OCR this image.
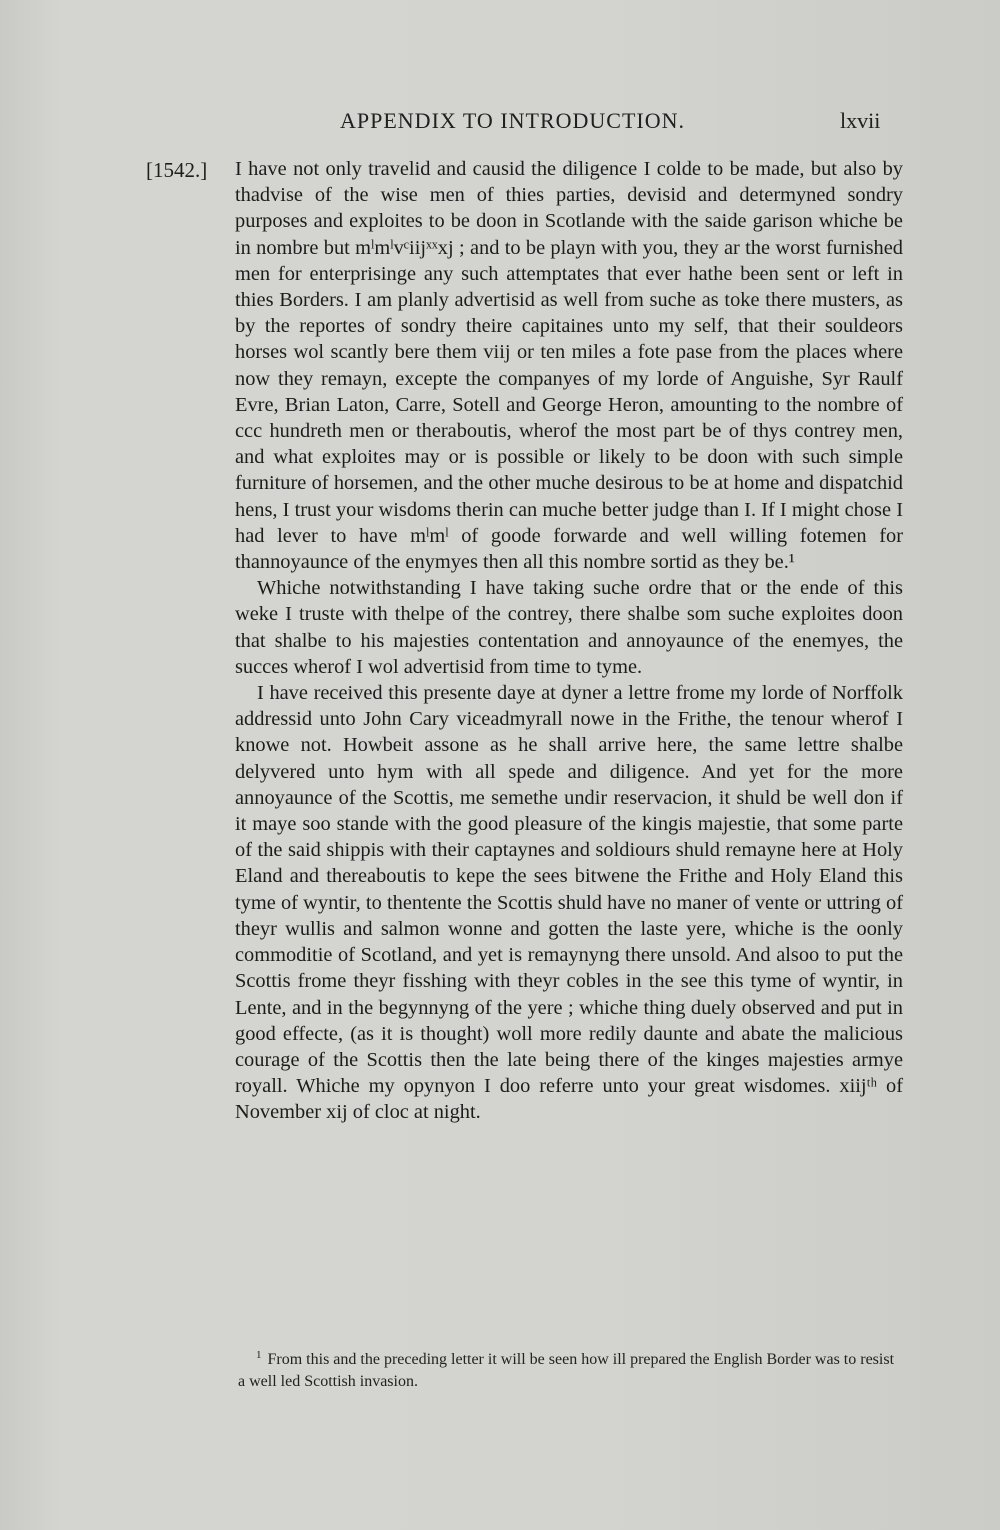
APPENDIX TO INTRODUCTION.	lxvii
[1542.] I have not only travelid and causid the diligence I colde to be made, but also by thadvise of the wise men of thies parties, devisid and determyned sondry purposes and exploites to be doon in Scotlande with the saide garison whiche be in nombre but mˡmˡvᶜiijˣˣxj ; and to be playn with you, they ar the worst furnished men for enterprisinge any such attemptates that ever hathe been sent or left in thies Borders. I am planly advertisid as well from suche as toke there musters, as by the reportes of sondry theire capitaines unto my self, that their souldeors horses wol scantly bere them viij or ten miles a fote pase from the places where now they remayn, excepte the companyes of my lorde of Anguishe, Syr Raulf Evre, Brian Laton, Carre, Sotell and George Heron, amounting to the nombre of ccc hundreth men or theraboutis, wherof the most part be of thys contrey men, and what exploites may or is possible or likely to be doon with such simple furniture of horsemen, and the other muche desirous to be at home and dispatchid hens, I trust your wisdoms therin can muche better judge than I. If I might chose I had lever to have mˡmˡ of goode forwarde and well willing fotemen for thannoyaunce of the enymyes then all this nombre sortid as they be.¹

Whiche notwithstanding I have taking suche ordre that or the ende of this weke I truste with thelpe of the contrey, there shalbe som suche exploites doon that shalbe to his majesties contentation and annoyaunce of the enemyes, the succes wherof I wol advertisid from time to tyme.

I have received this presente daye at dyner a lettre frome my lorde of Norffolk addressid unto John Cary viceadmyrall nowe in the Frithe, the tenour wherof I knowe not. Howbeit assone as he shall arrive here, the same lettre shalbe delyvered unto hym with all spede and diligence. And yet for the more annoyaunce of the Scottis, me semethe undir reservacion, it shuld be well don if it maye soo stande with the good pleasure of the kingis majestie, that some parte of the said shippis with their captaynes and soldiours shuld remayne here at Holy Eland and thereaboutis to kepe the sees bitwene the Frithe and Holy Eland this tyme of wyntir, to thentente the Scottis shuld have no maner of vente or uttring of theyr wullis and salmon wonne and gotten the laste yere, whiche is the oonly commoditie of Scotland, and yet is remaynyng there unsold. And alsoo to put the Scottis frome theyr fisshing with theyr cobles in the see this tyme of wyntir, in Lente, and in the begynnyng of the yere ; whiche thing duely observed and put in good effecte, (as it is thought) woll more redily daunte and abate the malicious courage of the Scottis then the late being there of the kinges majesties armye royall. Whiche my opynyon I doo referre unto your great wisdomes. xiijᵗʰ of November xij of cloc at night.

$^1$ From this and the preceding letter it will be seen how ill prepared the English Border was to resist a well led Scottish invasion.
